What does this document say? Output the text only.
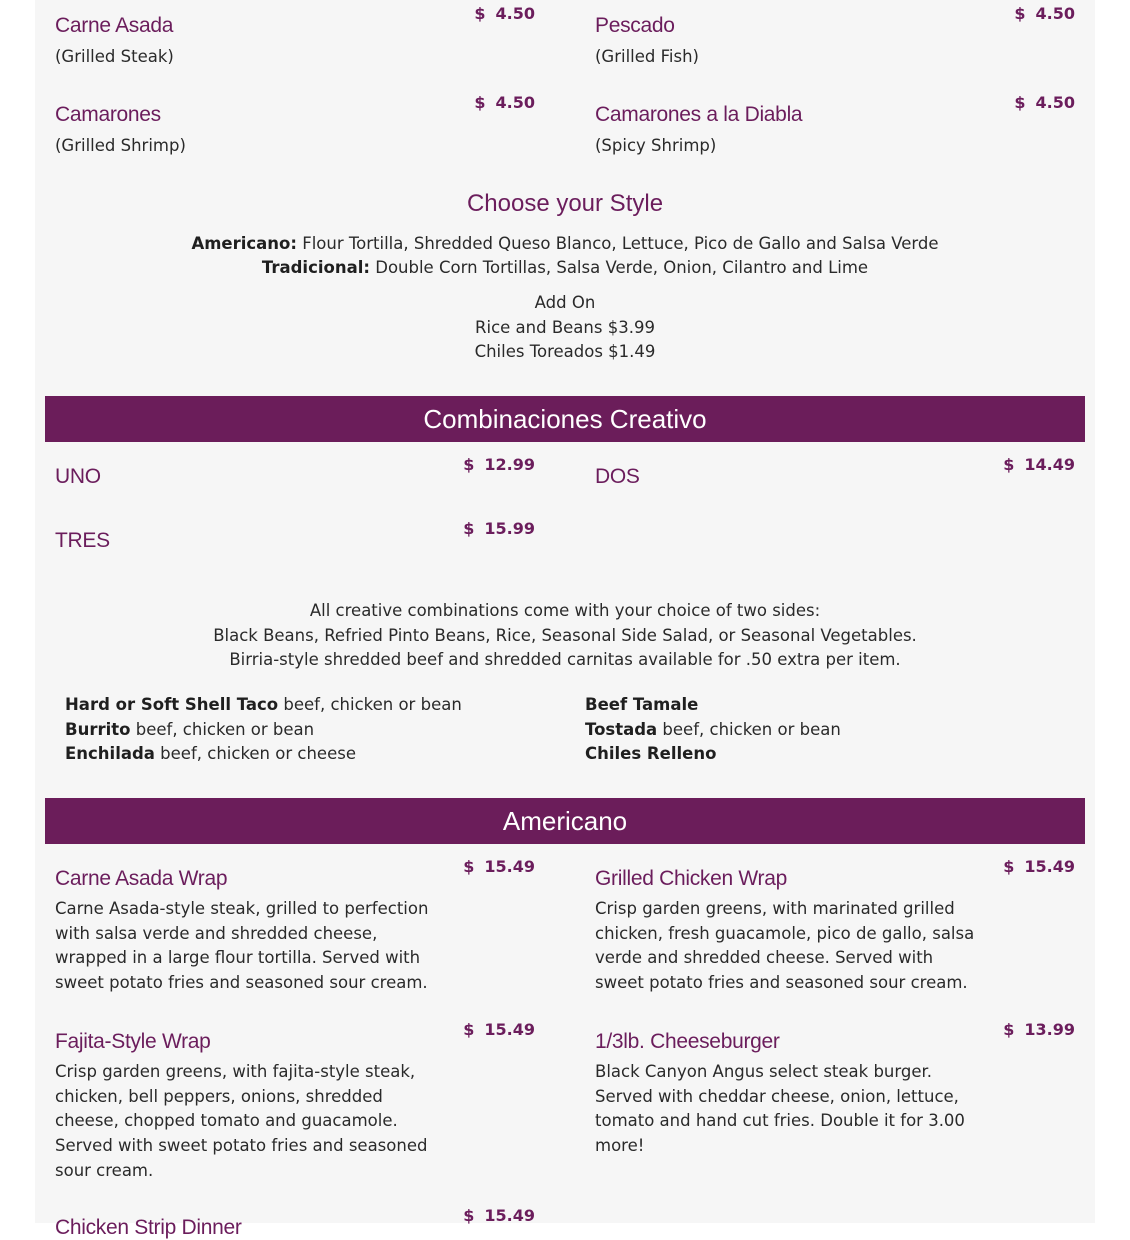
Carne Asada
$ 4.50
(Grilled Steak)
Pescado
$ 4.50
(Grilled Fish)
Camarones
$ 4.50
(Grilled Shrimp)
Camarones a la Diabla
$ 4.50
(Spicy Shrimp)
Choose your Style
Americano: Flour Tortilla, Shredded Queso Blanco, Lettuce, Pico de Gallo and Salsa Verde
Tradicional: Double Corn Tortillas, Salsa Verde, Onion, Cilantro and Lime
Add On
Rice and Beans $3.99
Chiles Toreados $1.49
Combinaciones Creativo
UNO
$ 12.99
DOS
$ 14.49
TRES
$ 15.99
All creative combinations come with your choice of two sides:
Black Beans, Refried Pinto Beans, Rice, Seasonal Side Salad, or Seasonal Vegetables.
Birria-style shredded beef and shredded carnitas available for .50 extra per item.
Hard or Soft Shell Taco beef, chicken or bean
Burrito beef, chicken or bean
Enchilada beef, chicken or cheese
Beef Tamale
Tostada beef, chicken or bean
Chiles Relleno
Americano
Carne Asada Wrap
$ 15.49
Carne Asada-style steak, grilled to perfection
with salsa verde and shredded cheese,
wrapped in a large flour tortilla. Served with
sweet potato fries and seasoned sour cream.
Grilled Chicken Wrap
$ 15.49
Crisp garden greens, with marinated grilled
chicken, fresh guacamole, pico de gallo, salsa
verde and shredded cheese. Served with
sweet potato fries and seasoned sour cream.
Fajita-Style Wrap
$ 15.49
Crisp garden greens, with fajita-style steak,
chicken, bell peppers, onions, shredded
cheese, chopped tomato and guacamole.
Served with sweet potato fries and seasoned
sour cream.
1/3lb. Cheeseburger
$ 13.99
Black Canyon Angus select steak burger.
Served with cheddar cheese, onion, lettuce,
tomato and hand cut fries. Double it for 3.00
more!
Chicken Strip Dinner
$ 15.49
